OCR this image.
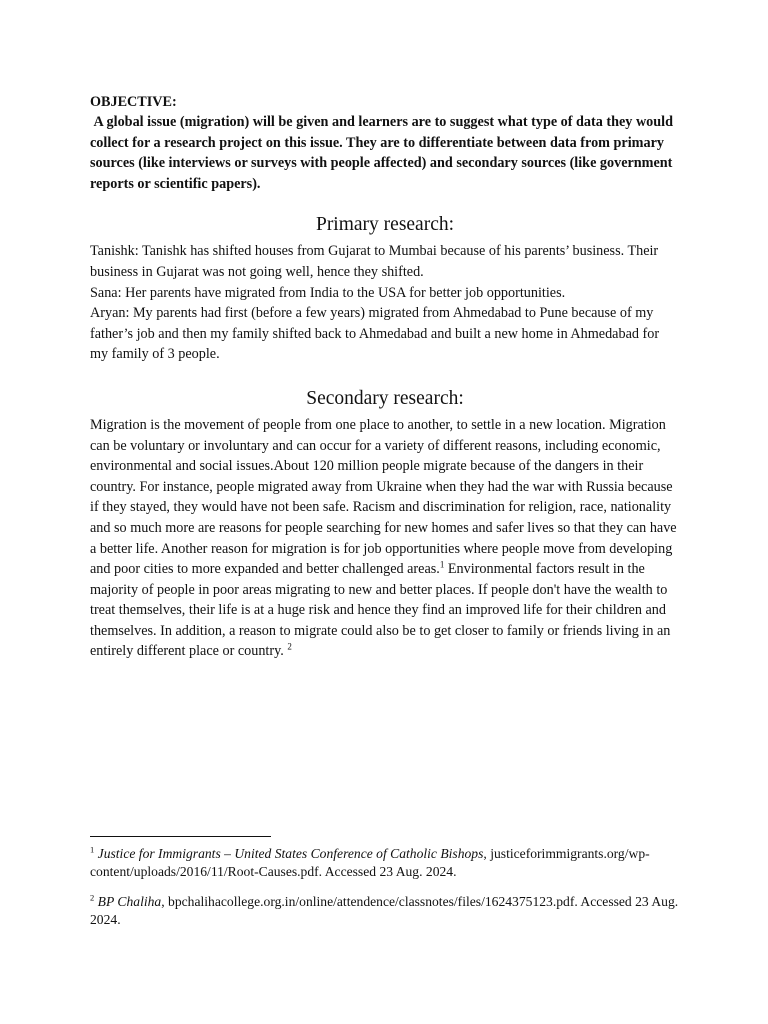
OBJECTIVE:

A global issue (migration) will be given and learners are to suggest what type of data they would collect for a research project on this issue. They are to differentiate between data from primary sources (like interviews or surveys with people affected) and secondary sources (like government reports or scientific papers).

Primary research:

Tanishk: Tanishk has shifted houses from Gujarat to Mumbai because of his parents’ business. Their business in Gujarat was not going well, hence they shifted.

Sana: Her parents have migrated from India to the USA for better job opportunities.

Aryan: My parents had first (before a few years) migrated from Ahmedabad to Pune because of my father’s job and then my family shifted back to Ahmedabad and built a new home in Ahmedabad for my family of 3 people.

Secondary research:

Migration is the movement of people from one place to another, to settle in a new location. Migration can be voluntary or involuntary and can occur for a variety of different reasons, including economic, environmental and social issues.About 120 million people migrate because of the dangers in their country. For instance, people migrated away from Ukraine when they had the war with Russia because if they stayed, they would have not been safe. Racism and discrimination for religion, race, nationality and so much more are reasons for people searching for new homes and safer lives so that they can have a better life. Another reason for migration is for job opportunities where people move from developing and poor cities to more expanded and better challenged areas.$^1$ Environmental factors result in the majority of people in poor areas migrating to new and better places. If people don't have the wealth to treat themselves, their life is at a huge risk and hence they find an improved life for their children and themselves. In addition, a reason to migrate could also be to get closer to family or friends living in an entirely different place or country. $^2$

$^1$ Justice for Immigrants – United States Conference of Catholic Bishops, justiceforimmigrants.org/wp-content/uploads/2016/11/Root-Causes.pdf. Accessed 23 Aug. 2024.

$^2$ BP Chaliha, bpchalihacollege.org.in/online/attendence/classnotes/files/1624375123.pdf. Accessed 23 Aug. 2024.
